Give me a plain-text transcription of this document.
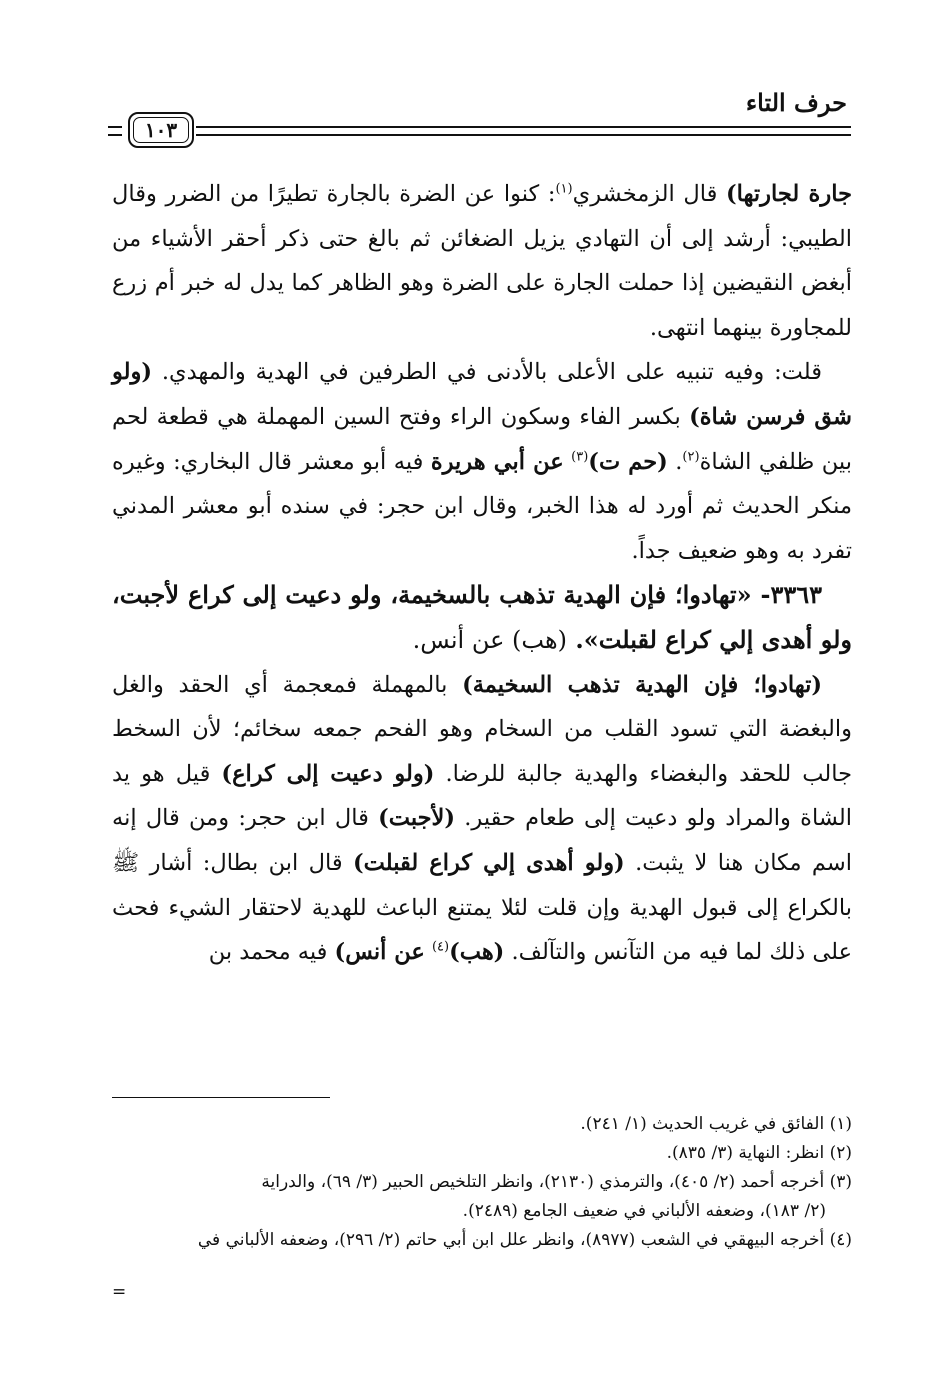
حرف التاء
١٠٣

جارة لجارتها) قال الزمخشري$^{(١)}$: كنوا عن الضرة بالجارة تطيرًا من الضرر وقال الطيبي: أرشد إلى أن التهادي يزيل الضغائن ثم بالغ حتى ذكر أحقر الأشياء من أبغض النقيضين إذا حملت الجارة على الضرة وهو الظاهر كما يدل له خبر أم زرع للمجاورة بينهما انتهى.

قلت: وفيه تنبيه على الأعلى بالأدنى في الطرفين في الهدية والمهدي. (ولو شق فرسن شاة) بكسر الفاء وسكون الراء وفتح السين المهملة هي قطعة لحم بين ظلفي الشاة$^{(٢)}$. (حم ت)$^{(٣)}$ عن أبي هريرة فيه أبو معشر قال البخاري: وغيره منكر الحديث ثم أورد له هذا الخبر، وقال ابن حجر: في سنده أبو معشر المدني تفرد به وهو ضعيف جداً.

٣٣٦٣- «تهادوا؛ فإن الهدية تذهب بالسخيمة، ولو دعيت إلى كراع لأجبت، ولو أهدى إلي كراع لقبلت». (هب) عن أنس.

(تهادوا؛ فإن الهدية تذهب السخيمة) بالمهملة فمعجمة أي الحقد والغل والبغضة التي تسود القلب من السخام وهو الفحم جمعه سخائم؛ لأن السخط جالب للحقد والبغضاء والهدية جالبة للرضا. (ولو دعيت إلى كراع) قيل هو يد الشاة والمراد ولو دعيت إلى طعام حقير. (لأجبت) قال ابن حجر: ومن قال إنه اسم مكان هنا لا يثبت. (ولو أهدى إلي كراع لقبلت) قال ابن بطال: أشار ﷺ بالكراع إلى قبول الهدية وإن قلت لئلا يمتنع الباعث للهدية لاحتقار الشيء فحث على ذلك لما فيه من التآنس والتآلف. (هب)$^{(٤)}$ عن أنس) فيه محمد بن

(١) الفائق في غريب الحديث (١/ ٢٤١).

(٢) انظر: النهاية (٣/ ٨٣٥).

(٣) أخرجه أحمد (٢/ ٤٠٥)، والترمذي (٢١٣٠)، وانظر التلخيص الحبير (٣/ ٦٩)، والدراية

(٢/ ١٨٣)، وضعفه الألباني في ضعيف الجامع (٢٤٨٩).

(٤) أخرجه البيهقي في الشعب (٨٩٧٧)، وانظر علل ابن أبي حاتم (٢/ ٢٩٦)، وضعفه الألباني في

=
